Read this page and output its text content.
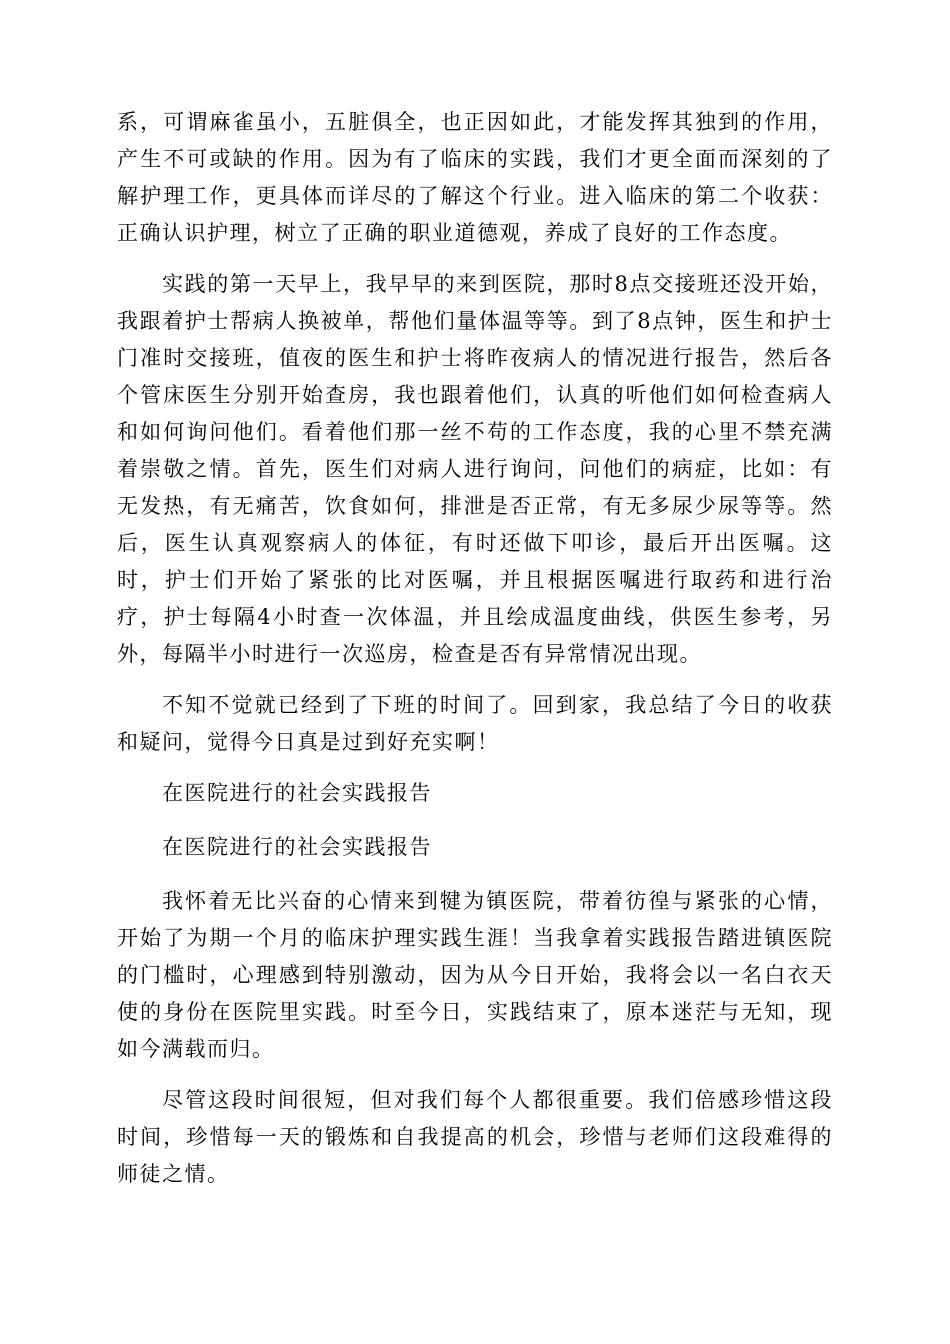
系，可谓麻雀虽小，五脏俱全，也正因如此，才能发挥其独到的作用，产生不可或缺的作用。因为有了临床的实践，我们才更全面而深刻的了解护理工作，更具体而详尽的了解这个行业。进入临床的第二个收获：正确认识护理，树立了正确的职业道德观，养成了良好的工作态度。

实践的第一天早上，我早早的来到医院，那时8点交接班还没开始，我跟着护士帮病人换被单，帮他们量体温等等。到了8点钟，医生和护士门准时交接班，值夜的医生和护士将昨夜病人的情况进行报告，然后各个管床医生分别开始查房，我也跟着他们，认真的听他们如何检查病人和如何询问他们。看着他们那一丝不苟的工作态度，我的心里不禁充满着崇敬之情。首先，医生们对病人进行询问，问他们的病症，比如：有无发热，有无痛苦，饮食如何，排泄是否正常，有无多尿少尿等等。然后，医生认真观察病人的体征，有时还做下叩诊，最后开出医嘱。这时，护士们开始了紧张的比对医嘱，并且根据医嘱进行取药和进行治疗，护士每隔4小时查一次体温，并且绘成温度曲线，供医生参考，另外，每隔半小时进行一次巡房，检查是否有异常情况出现。

不知不觉就已经到了下班的时间了。回到家，我总结了今日的收获和疑问，觉得今日真是过到好充实啊！

在医院进行的社会实践报告

在医院进行的社会实践报告

我怀着无比兴奋的心情来到犍为镇医院，带着彷徨与紧张的心情，开始了为期一个月的临床护理实践生涯！当我拿着实践报告踏进镇医院的门槛时，心理感到特别激动，因为从今日开始，我将会以一名白衣天使的身份在医院里实践。时至今日，实践结束了，原本迷茫与无知，现如今满载而归。

尽管这段时间很短，但对我们每个人都很重要。我们倍感珍惜这段时间，珍惜每一天的锻炼和自我提高的机会，珍惜与老师们这段难得的师徒之情。
